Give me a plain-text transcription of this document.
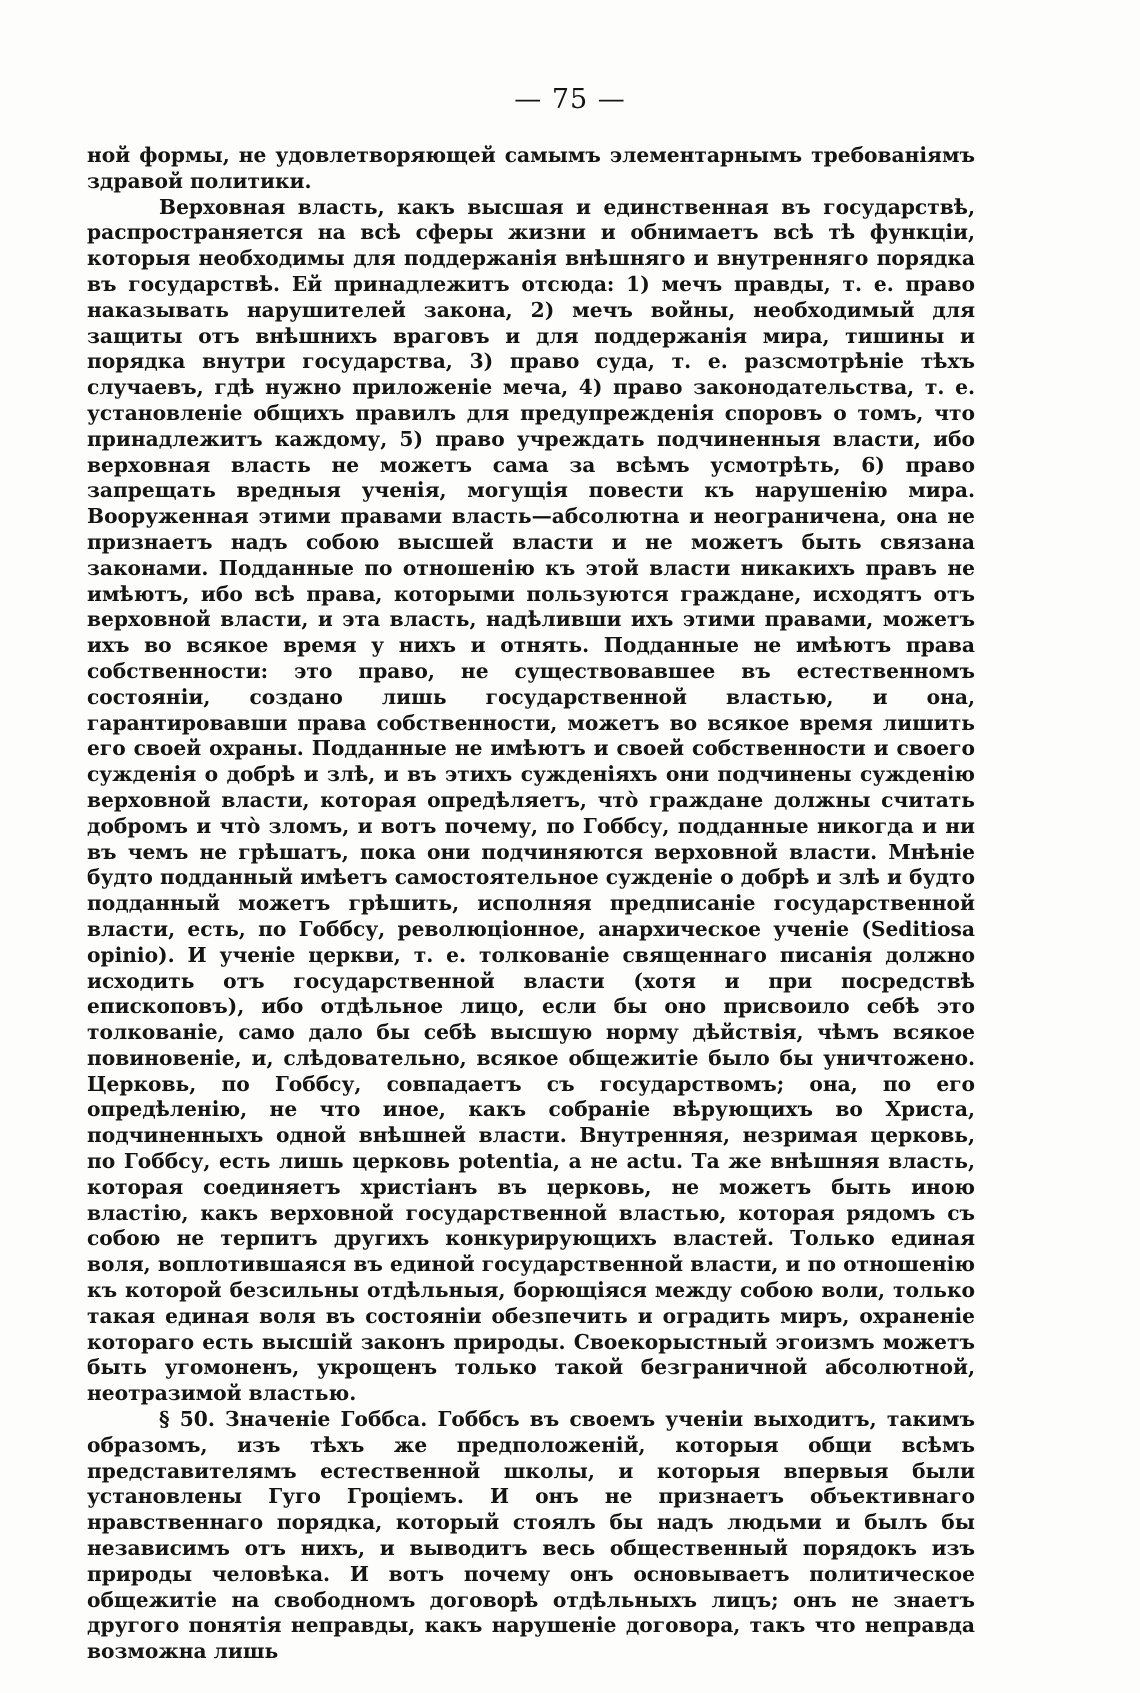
— 75 —

ной формы, не удовлетворяющей самымъ элементарнымъ требованіямъ здравой политики.

Верховная власть, какъ высшая и единственная въ государствѣ, распространяется на всѣ сферы жизни и обнимаетъ всѣ тѣ функціи, которыя необходимы для поддержанія внѣшняго и внутренняго порядка въ государствѣ. Ей принадлежитъ отсюда: 1) мечъ правды, т. е. право наказывать нарушителей закона, 2) мечъ войны, необходимый для защиты отъ внѣшнихъ враговъ и для поддержанія мира, тишины и порядка внутри государства, 3) право суда, т. е. разсмотрѣніе тѣхъ случаевъ, гдѣ нужно приложеніе меча, 4) право законодательства, т. е. установленіе общихъ правилъ для предупрежденія споровъ о томъ, что принадлежитъ каждому, 5) право учреждать подчиненныя власти, ибо верховная власть не можетъ сама за всѣмъ усмотрѣть, 6) право запрещать вредныя ученія, могущія повести къ нарушенію мира. Вооруженная этими правами власть—абсолютна и неограничена, она не признаетъ надъ собою высшей власти и не можетъ быть связана законами. Подданные по отношенію къ этой власти никакихъ правъ не имѣютъ, ибо всѣ права, которыми пользуются граждане, исходятъ отъ верховной власти, и эта власть, надѣливши ихъ этими правами, можетъ ихъ во всякое время у нихъ и отнять. Подданные не имѣютъ права собственности: это право, не существовавшее въ естественномъ состояніи, создано лишь государственной властью, и она, гарантировавши права собственности, можетъ во всякое время лишить его своей охраны. Подданные не имѣютъ и своей собственности и своего сужденія о добрѣ и злѣ, и въ этихъ сужденіяхъ они подчинены сужденію верховной власти, которая опредѣляетъ, что̀ граждане должны считать добромъ и что̀ зломъ, и вотъ почему, по Гоббсу, подданные никогда и ни въ чемъ не грѣшатъ, пока они подчиняются верховной власти. Мнѣніе будто подданный имѣетъ самостоятельное сужденіе о добрѣ и злѣ и будто подданный можетъ грѣшить, исполняя предписаніе государственной власти, есть, по Гоббсу, революціонное, анархическое ученіе (Seditiosa opinio). И ученіе церкви, т. е. толкованіе священнаго писанія должно исходить отъ государственной власти (хотя и при посредствѣ епископовъ), ибо отдѣльное лицо, если бы оно присвоило себѣ это толкованіе, само дало бы себѣ высшую норму дѣйствія, чѣмъ всякое повиновеніе, и, слѣдовательно, всякое общежитіе было бы уничтожено. Церковь, по Гоббсу, совпадаетъ съ государствомъ; она, по его опредѣленію, не что иное, какъ собраніе вѣрующихъ во Христа, подчиненныхъ одной внѣшней власти. Внутренняя, незримая церковь, по Гоббсу, есть лишь церковь potentia, а не actu. Та же внѣшняя власть, которая соединяетъ христіанъ въ церковь, не можетъ быть иною властію, какъ верховной государственной властью, которая рядомъ съ собою не терпитъ другихъ конкурирующихъ властей. Только единая воля, воплотившаяся въ единой государственной власти, и по отношенію къ которой безсильны отдѣльныя, борющіяся между собою воли, только такая единая воля въ состояніи обезпечить и оградить миръ, охраненіе котораго есть высшій законъ природы. Своекорыстный эгоизмъ можетъ быть угомоненъ, укрощенъ только такой безграничной абсолютной, неотразимой властью.

§ 50. Значеніе Гоббса. Гоббсъ въ своемъ ученіи выходитъ, такимъ образомъ, изъ тѣхъ же предположеній, которыя общи всѣмъ представителямъ естественной школы, и которыя впервыя были установлены Гуго Гроціемъ. И онъ не признаетъ объективнаго нравственнаго порядка, который стоялъ бы надъ людьми и былъ бы независимъ отъ нихъ, и выводитъ весь общественный порядокъ изъ природы человѣка. И вотъ почему онъ основываетъ политическое общежитіе на свободномъ договорѣ отдѣльныхъ лицъ; онъ не знаетъ другого понятія неправды, какъ нарушеніе договора, такъ что неправда возможна лишь
